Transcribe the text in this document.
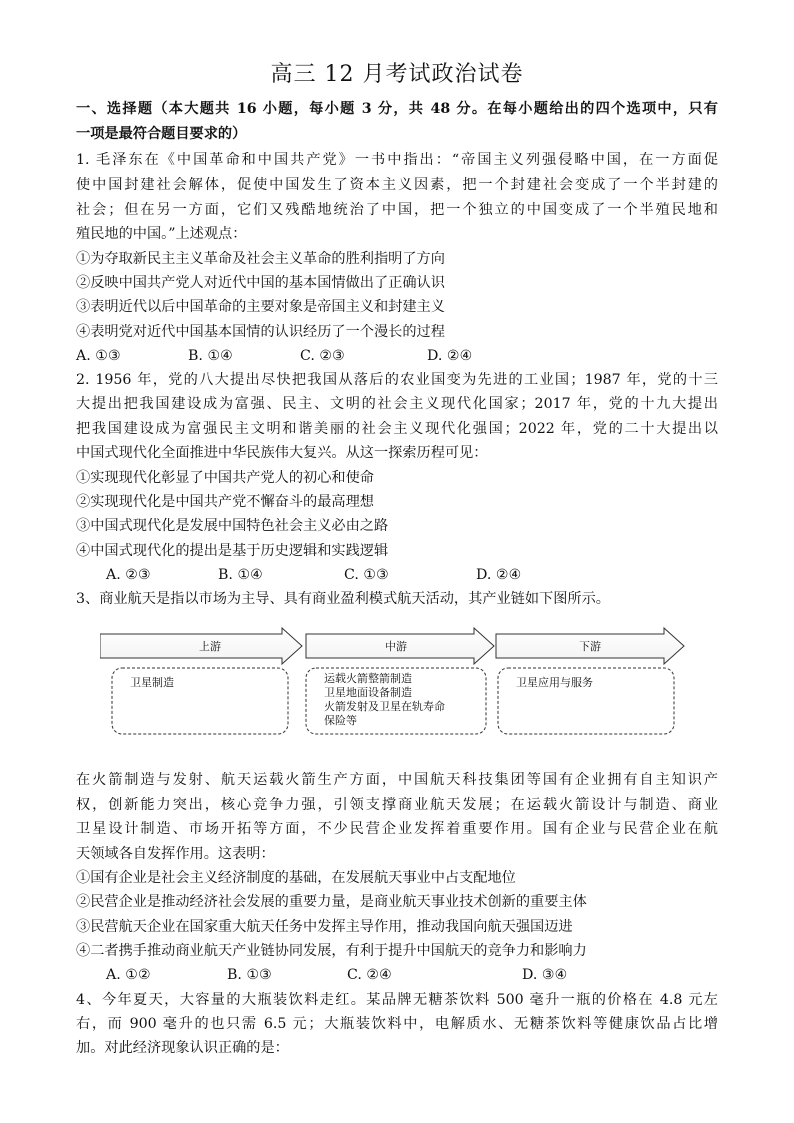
高三 12 月考试政治试卷
一、选择题（本大题共 16 小题，每小题 3 分，共 48 分。在每小题给出的四个选项中，只有
一项是最符合题目要求的）
1. 毛泽东在《中国革命和中国共产党》一书中指出：“帝国主义列强侵略中国，在一方面促
使中国封建社会解体，促使中国发生了资本主义因素，把一个封建社会变成了一个半封建的
社会；但在另一方面，它们又残酷地统治了中国，把一个独立的中国变成了一个半殖民地和
殖民地的中国。”上述观点：
①为夺取新民主主义革命及社会主义革命的胜利指明了方向
②反映中国共产党人对近代中国的基本国情做出了正确认识
③表明近代以后中国革命的主要对象是帝国主义和封建主义
④表明党对近代中国基本国情的认识经历了一个漫长的过程
A. ①③	B. ①④	C. ②③	D. ②④
2. 1956 年，党的八大提出尽快把我国从落后的农业国变为先进的工业国；1987 年，党的十三
大提出把我国建设成为富强、民主、文明的社会主义现代化国家；2017 年，党的十九大提出
把我国建设成为富强民主文明和谐美丽的社会主义现代化强国；2022 年，党的二十大提出以
中国式现代化全面推进中华民族伟大复兴。从这一探索历程可见：
①实现现代化彰显了中国共产党人的初心和使命
②实现现代化是中国共产党不懈奋斗的最高理想
③中国式现代化是发展中国特色社会主义必由之路
④中国式现代化的提出是基于历史逻辑和实践逻辑
A. ②③	B. ①④	C. ①③	D. ②④
3、商业航天是指以市场为主导、具有商业盈利模式航天活动，其产业链如下图所示。
上游	中游	下游
卫星制造	运载火箭整箭制造
卫星地面设备制造
火箭发射及卫星在轨寿命
保险等
卫星应用与服务
在火箭制造与发射、航天运载火箭生产方面，中国航天科技集团等国有企业拥有自主知识产
权，创新能力突出，核心竞争力强，引领支撑商业航天发展；在运载火箭设计与制造、商业
卫星设计制造、市场开拓等方面，不少民营企业发挥着重要作用。国有企业与民营企业在航
天领域各自发挥作用。这表明：
①国有企业是社会主义经济制度的基础，在发展航天事业中占支配地位
②民营企业是推动经济社会发展的重要力量，是商业航天事业技术创新的重要主体
③民营航天企业在国家重大航天任务中发挥主导作用，推动我国向航天强国迈进
④二者携手推动商业航天产业链协同发展，有利于提升中国航天的竞争力和影响力
A. ①②	B. ①③	C. ②④	D. ③④
4、今年夏天，大容量的大瓶装饮料走红。某品牌无糖茶饮料 500 毫升一瓶的价格在 4.8 元左
右，而 900 毫升的也只需 6.5 元；大瓶装饮料中，电解质水、无糖茶饮料等健康饮品占比增
加。对此经济现象认识正确的是：
